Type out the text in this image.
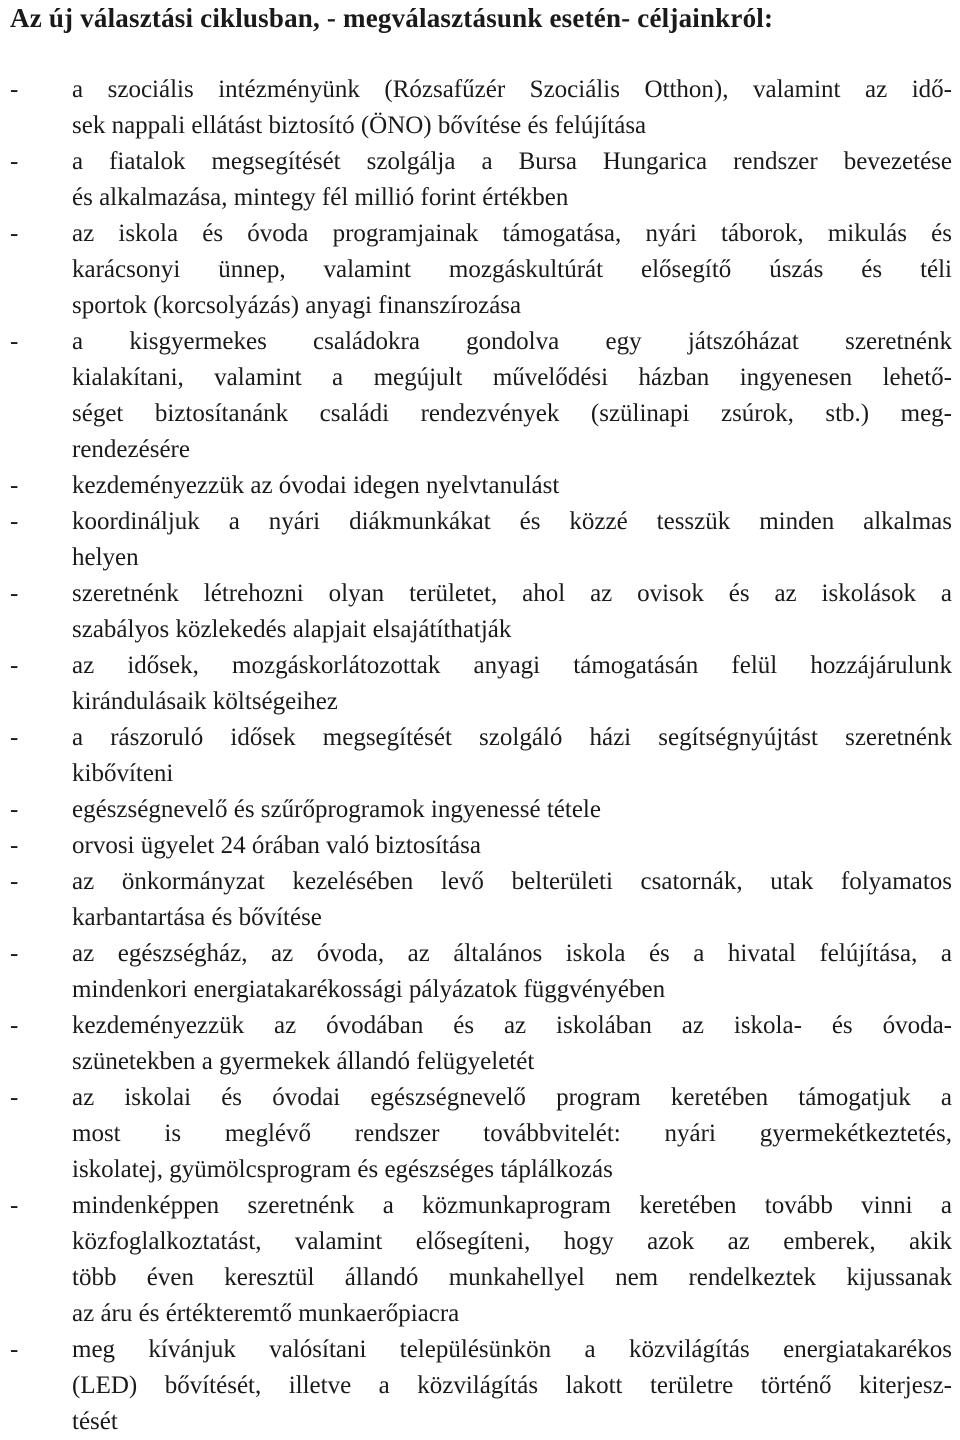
Az új választási ciklusban, - megválasztásunk esetén- céljainkról:
-	a szociális intézményünk (Rózsafűzér Szociális Otthon), valamint az idő-
sek nappali ellátást biztosító (ÖNO) bővítése és felújítása
-	a fiatalok megsegítését szolgálja a Bursa Hungarica rendszer bevezetése
és alkalmazása, mintegy fél millió forint értékben
-	az iskola és óvoda programjainak támogatása, nyári táborok, mikulás és
karácsonyi ünnep, valamint mozgáskultúrát elősegítő úszás és téli
sportok (korcsolyázás) anyagi finanszírozása
-	a kisgyermekes családokra gondolva egy játszóházat szeretnénk
kialakítani, valamint a megújult művelődési házban ingyenesen lehető-
séget biztosítanánk családi rendezvények (szülinapi zsúrok, stb.) meg-
rendezésére
-	kezdeményezzük az óvodai idegen nyelvtanulást
-	koordináljuk a nyári diákmunkákat és közzé tesszük minden alkalmas
helyen
-	szeretnénk létrehozni olyan területet, ahol az ovisok és az iskolások a
szabályos közlekedés alapjait elsajátíthatják
-	az idősek, mozgáskorlátozottak anyagi támogatásán felül hozzájárulunk
kirándulásaik költségeihez
-	a rászoruló idősek megsegítését szolgáló házi segítségnyújtást szeretnénk
kibővíteni
-	egészségnevelő és szűrőprogramok ingyenessé tétele
-	orvosi ügyelet 24 órában való biztosítása
-	az önkormányzat kezelésében levő belterületi csatornák, utak folyamatos
karbantartása és bővítése
-	az egészségház, az óvoda, az általános iskola és a hivatal felújítása, a
mindenkori energiatakarékossági pályázatok függvényében
-	kezdeményezzük az óvodában és az iskolában az iskola- és óvoda-
szünetekben a gyermekek állandó felügyeletét
-	az iskolai és óvodai egészségnevelő program keretében támogatjuk a
most is meglévő rendszer továbbvitelét: nyári gyermekétkeztetés,
iskolatej, gyümölcsprogram és egészséges táplálkozás
-	mindenképpen szeretnénk a közmunkaprogram keretében tovább vinni a
közfoglalkoztatást, valamint elősegíteni, hogy azok az emberek, akik
több éven keresztül állandó munkahellyel nem rendelkeztek kijussanak
az áru és értékteremtő munkaerőpiacra
-	meg kívánjuk valósítani településünkön a közvilágítás energiatakarékos
(LED) bővítését, illetve a közvilágítás lakott területre történő kiterjesz-
tését
